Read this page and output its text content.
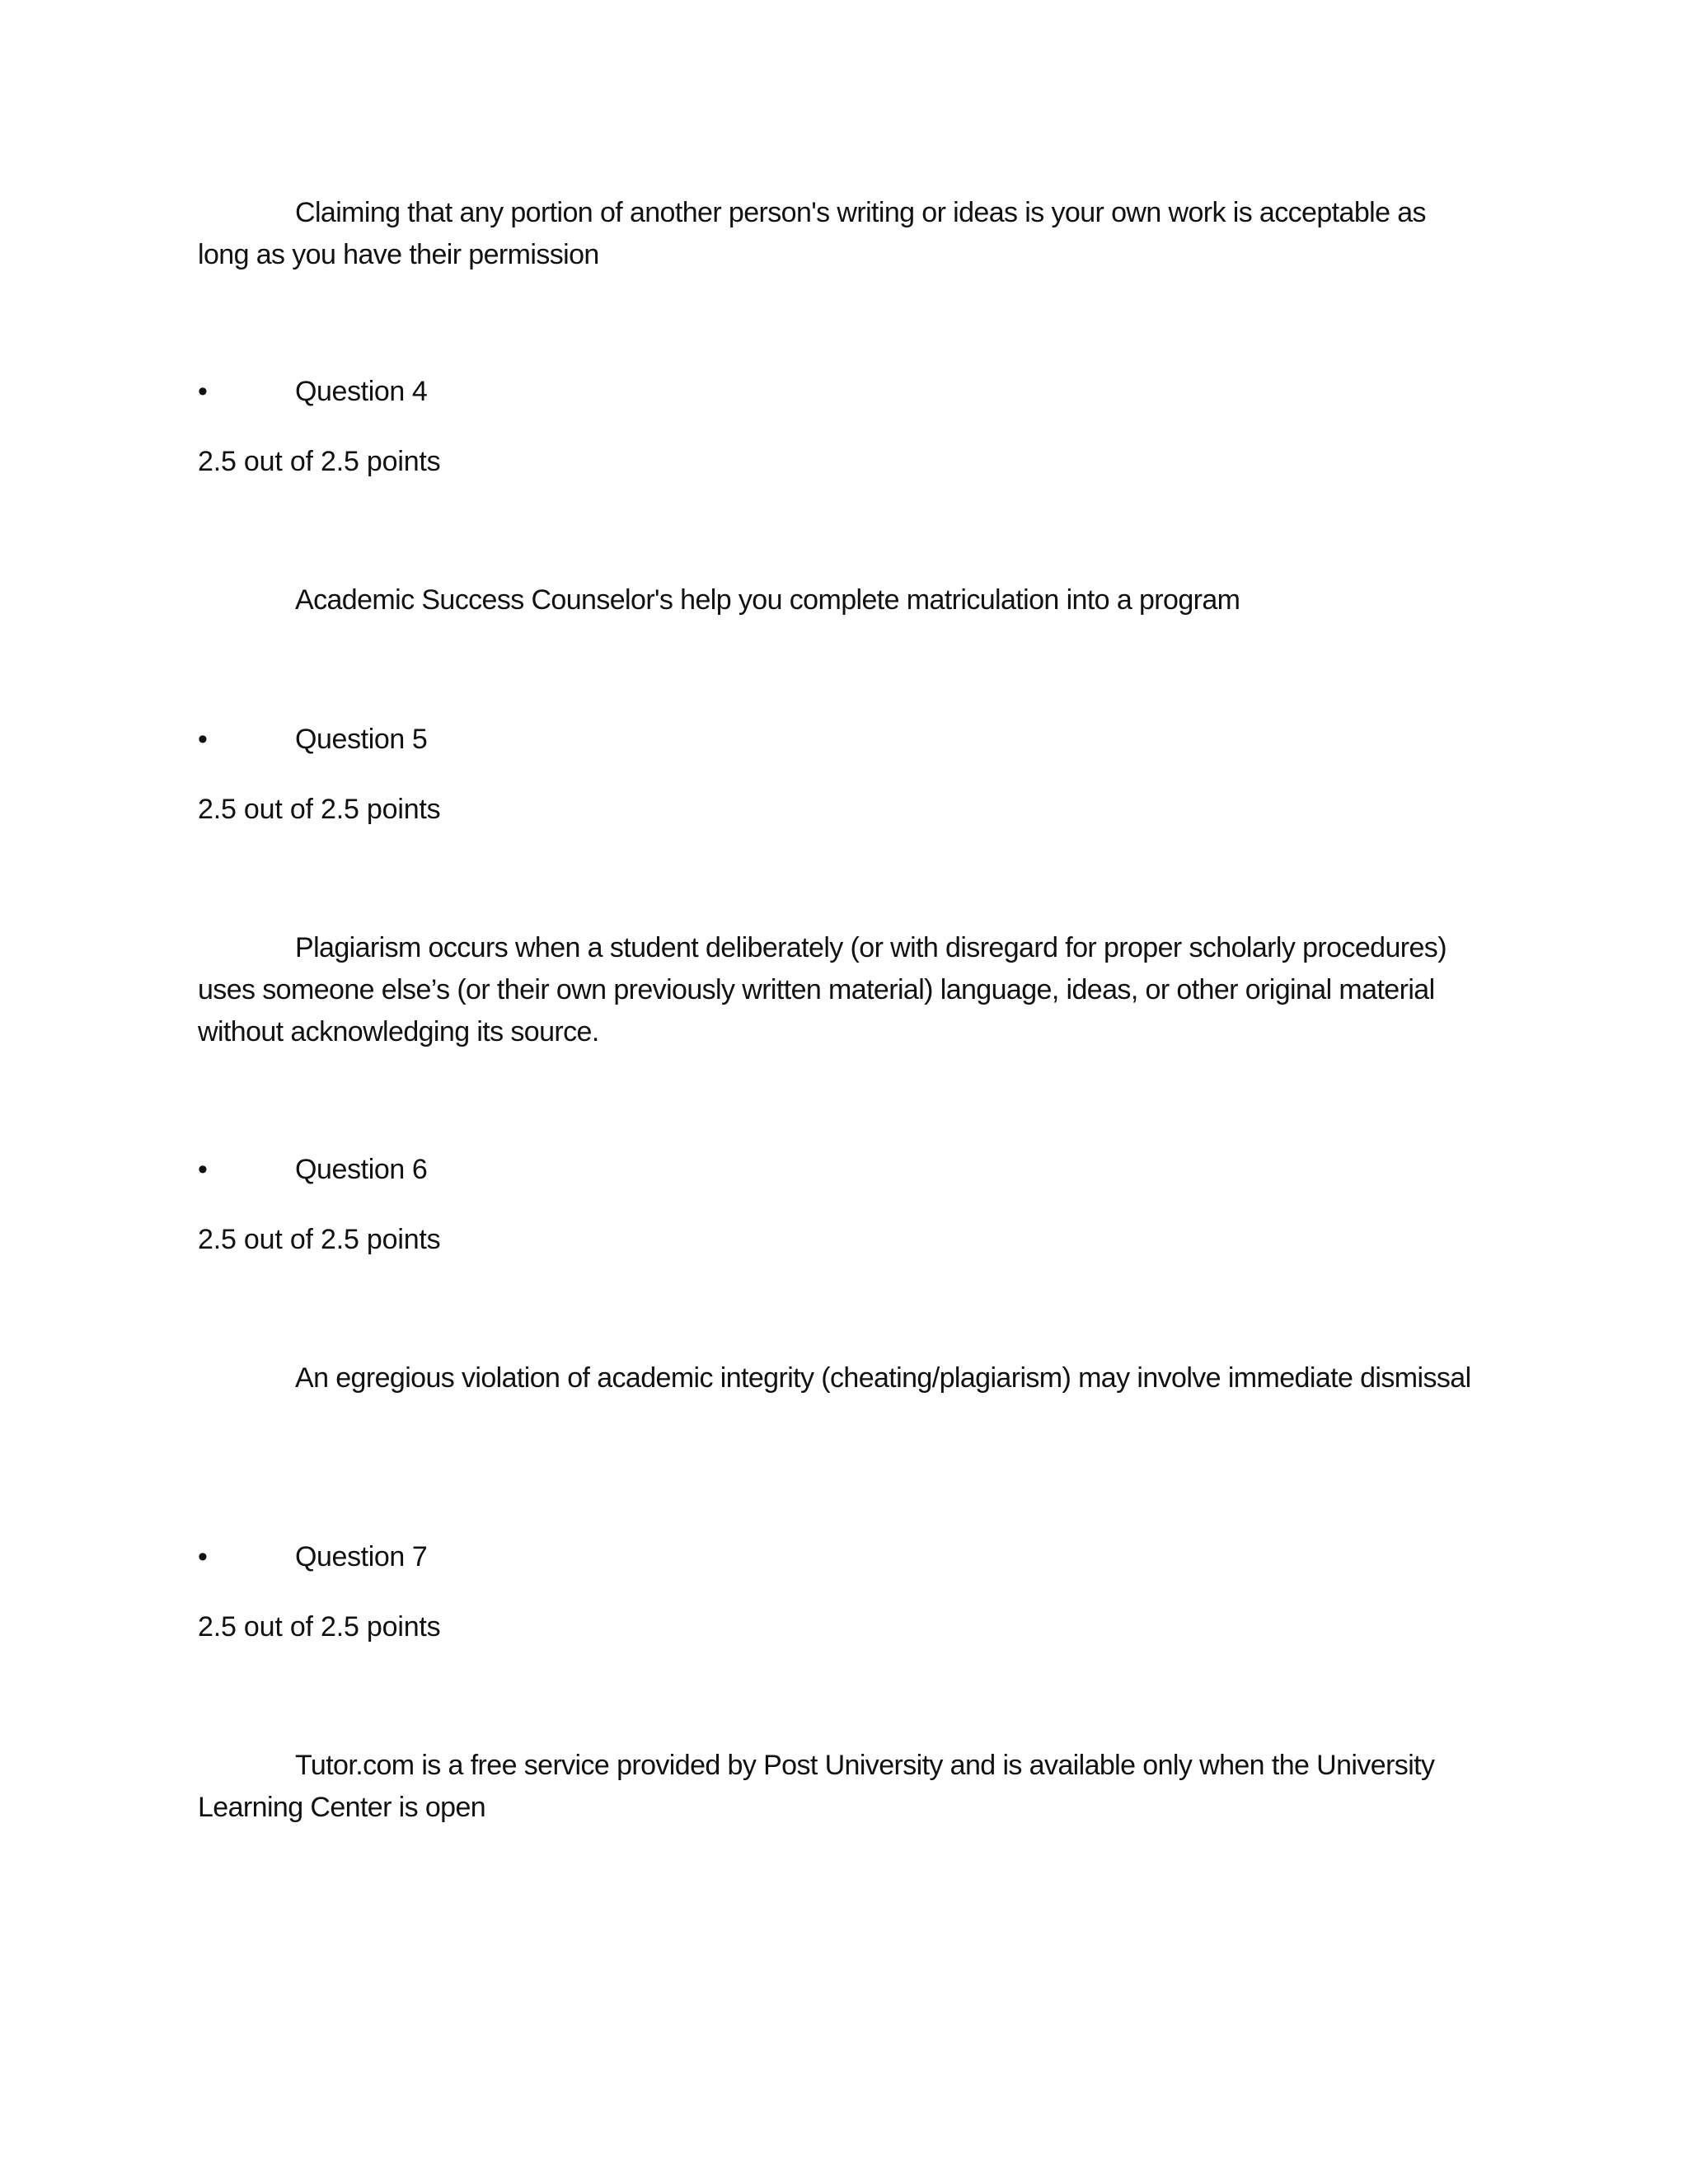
Claiming that any portion of another person's writing or ideas is your own work is acceptable as long as you have their permission

•	Question 4
2.5 out of 2.5 points

Academic Success Counselor's help you complete matriculation into a program

•	Question 5
2.5 out of 2.5 points

Plagiarism occurs when a student deliberately (or with disregard for proper scholarly procedures) uses someone else’s (or their own previously written material) language, ideas, or other original material without acknowledging its source.

•	Question 6
2.5 out of 2.5 points

An egregious violation of academic integrity (cheating/plagiarism) may involve immediate dismissal

•	Question 7
2.5 out of 2.5 points

Tutor.com is a free service provided by Post University and is available only when the University Learning Center is open
